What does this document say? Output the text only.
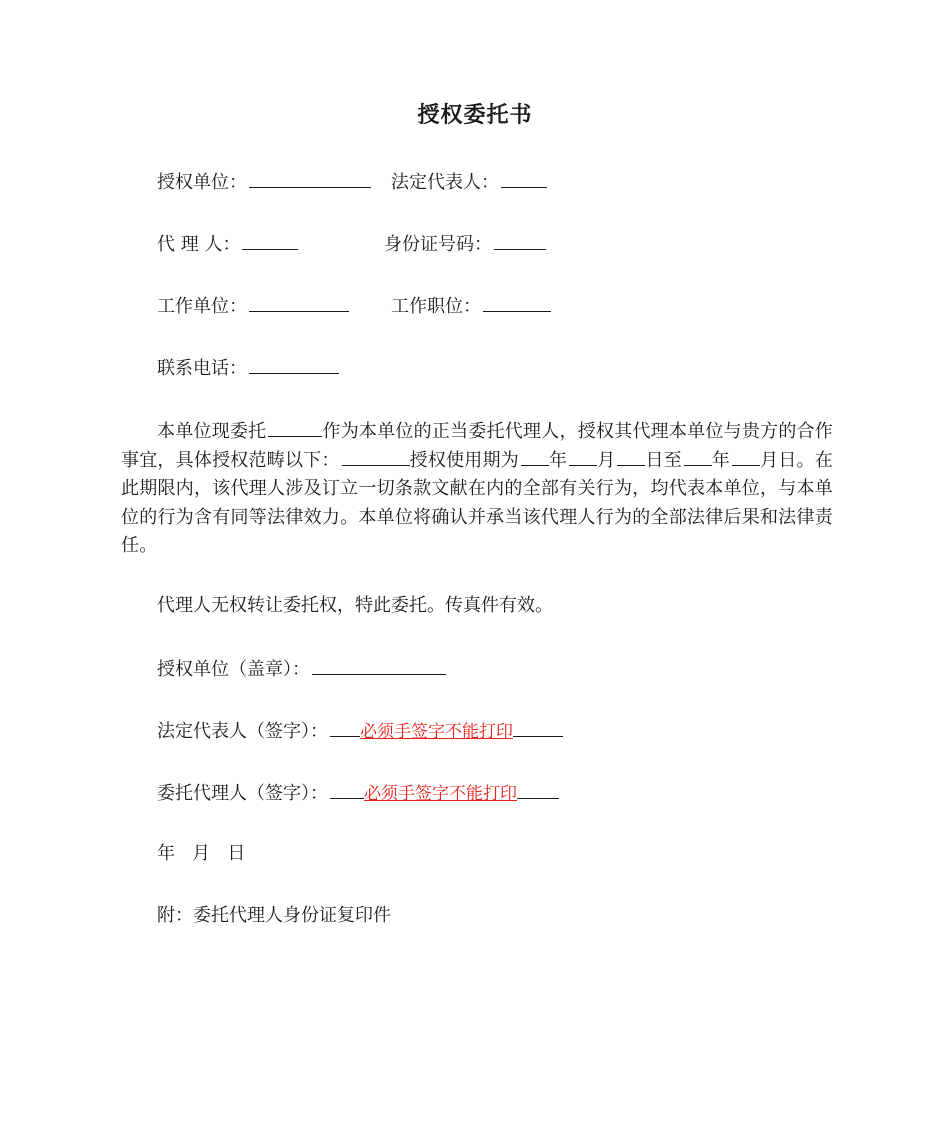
授权委托书
授权单位：	法定代表人：
代 理 人：	身份证号码：
工作单位：	工作职位：
联系电话：
本单位现委托	作为本单位的正当委托代理人，授权其代理本单位与贵方的合作事宜，具体授权范畴以下：	授权使用期为 年 月 日至 年 月日。在此期限内，该代理人涉及订立一切条款文献在内的全部有关行为，均代表本单位，与本单位的行为含有同等法律效力。本单位将确认并承当该代理人行为的全部法律后果和法律责任。
代理人无权转让委托权，特此委托。传真件有效。
授权单位（盖章）：
法定代表人（签字）： 必须手签字不能打印
委托代理人（签字）： 必须手签字不能打印
年   月   日
附：委托代理人身份证复印件
